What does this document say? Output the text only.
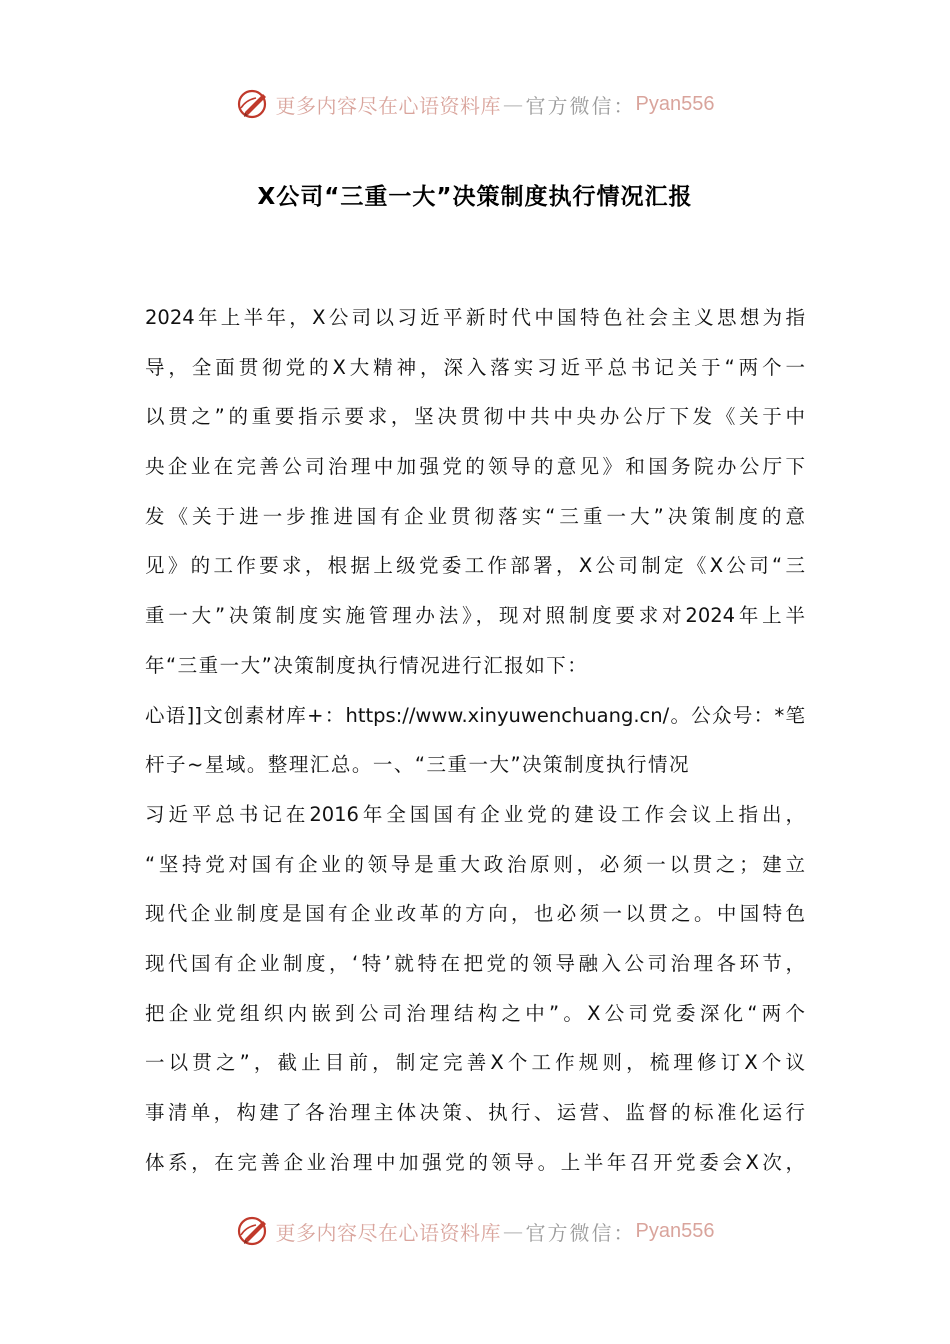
更多内容尽在心语资料库 — 官方微信： Pyan556
X公司“三重一大”决策制度执行情况汇报
2024年上半年，X公司以习近平新时代中国特色社会主义思想为指
导，全面贯彻党的X大精神，深入落实习近平总书记关于“两个一
以贯之”的重要指示要求，坚决贯彻中共中央办公厅下发《关于中
央企业在完善公司治理中加强党的领导的意见》和国务院办公厅下
发《关于进一步推进国有企业贯彻落实“三重一大”决策制度的意
见》的工作要求，根据上级党委工作部署，X公司制定《X公司“三
重一大”决策制度实施管理办法》，现对照制度要求对2024年上半
年“三重一大”决策制度执行情况进行汇报如下：
心语]]文创素材库+：https://www.xinyuwenchuang.cn/。公众号：*笔
杆子~星域。整理汇总。一、“三重一大”决策制度执行情况
习近平总书记在2016年全国国有企业党的建设工作会议上指出，
“坚持党对国有企业的领导是重大政治原则，必须一以贯之；建立
现代企业制度是国有企业改革的方向，也必须一以贯之。中国特色
现代国有企业制度，‘特’就特在把党的领导融入公司治理各环节，
把企业党组织内嵌到公司治理结构之中”。X公司党委深化“两个
一以贯之”，截止目前，制定完善X个工作规则，梳理修订X个议
事清单，构建了各治理主体决策、执行、运营、监督的标准化运行
体系，在完善企业治理中加强党的领导。上半年召开党委会X次，
更多内容尽在心语资料库 — 官方微信： Pyan556
